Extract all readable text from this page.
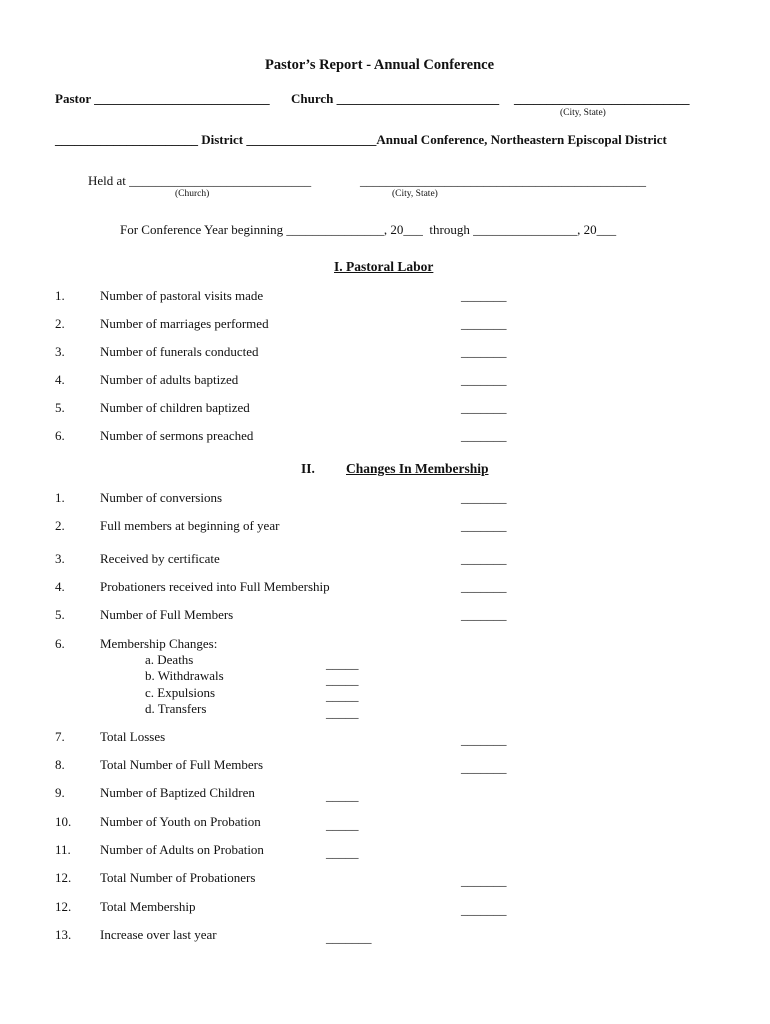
Pastor’s Report - Annual Conference
Pastor ___________________________ Church _________________________ ___________________________
(City, State)
______________________ District ____________________Annual Conference, Northeastern Episcopal District
Held at ____________________________	____________________________________________
(Church)	(City, State)
For Conference Year beginning _______________, 20___  through ________________, 20___
I. Pastoral Labor
1.	Number of pastoral visits made	_______
2.	Number of marriages performed	_______
3.	Number of funerals conducted	_______
4.	Number of adults baptized	_______
5.	Number of children baptized	_______
6.	Number of sermons preached	_______
II. Changes In Membership
1.	Number of conversions	_______
2.	Full members at beginning of year	_______
3.	Received by certificate	_______
4.	Probationers received into Full Membership	_______
5.	Number of Full Members	_______
6.	Membership Changes:
a. Deaths	_____
b. Withdrawals	_____
c. Expulsions	_____
d. Transfers	_____
7.	Total Losses	_______
8.	Total Number of Full Members	_______
9.	Number of Baptized Children	_____
10. Number of Youth on Probation	_____
11. Number of Adults on Probation	_____
12. Total Number of Probationers	_______
12. Total Membership	_______
13. Increase over last year	_______
